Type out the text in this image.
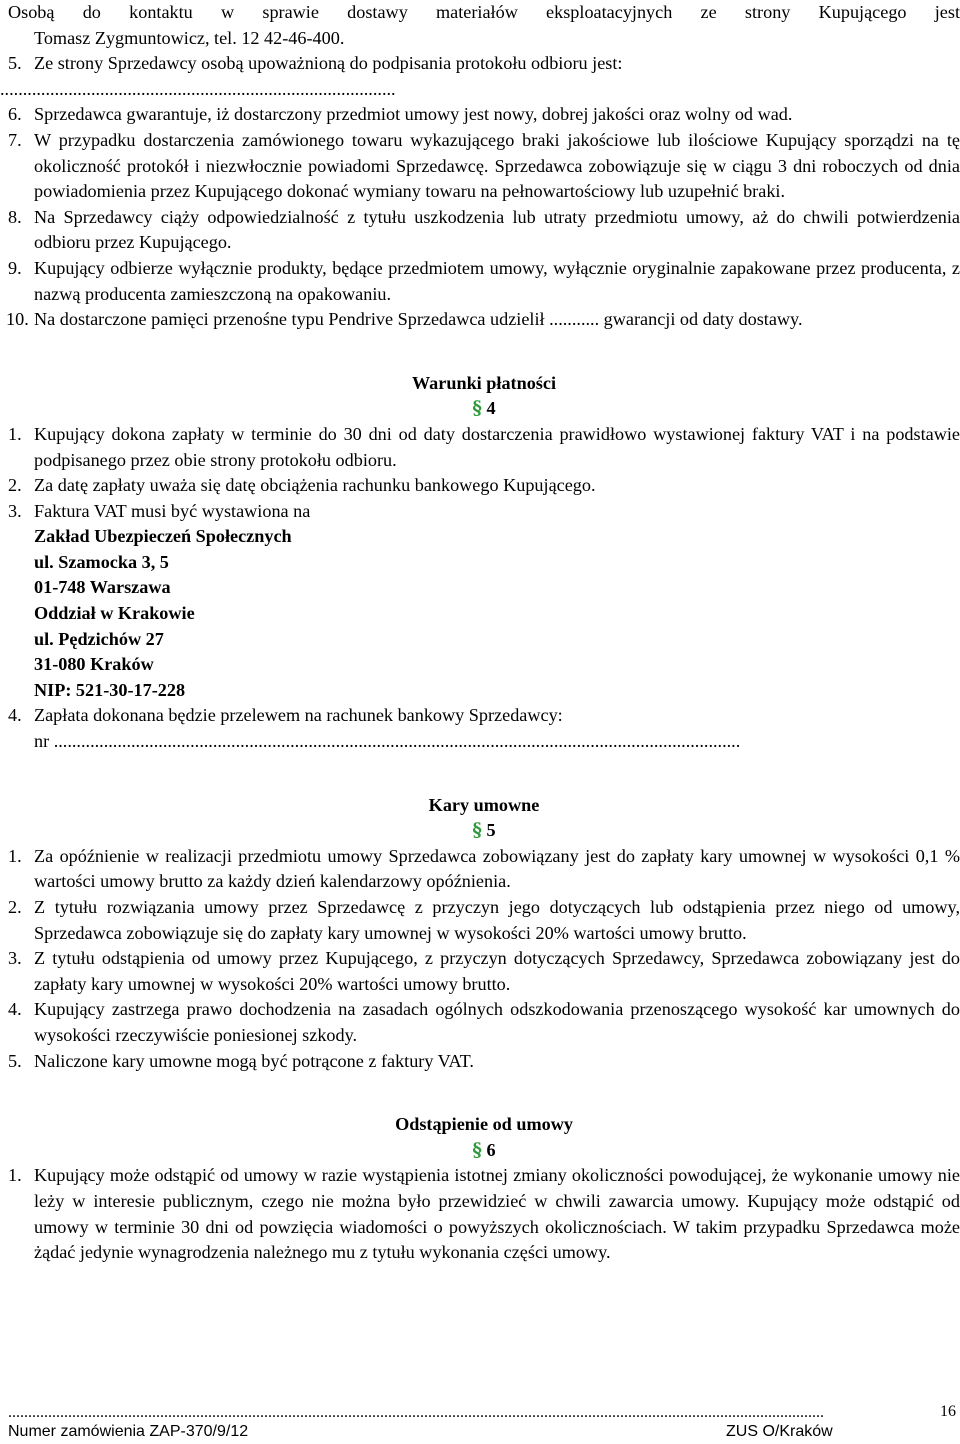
Osobą do kontaktu w sprawie dostawy materiałów eksploatacyjnych ze strony Kupującego jest
Tomasz Zygmuntowicz, tel. 12 42-46-400.
5. Ze strony Sprzedawcy osobą upoważnioną do podpisania protokołu odbioru jest:
.......................................................................................
6. Sprzedawca gwarantuje, iż dostarczony przedmiot umowy jest nowy, dobrej jakości oraz wolny od wad.
7. W przypadku dostarczenia zamówionego towaru wykazującego braki jakościowe lub ilościowe Kupujący sporządzi na tę okoliczność protokół i niezwłocznie powiadomi Sprzedawcę. Sprzedawca zobowiązuje się w ciągu 3 dni roboczych od dnia powiadomienia przez Kupującego dokonać wymiany towaru na pełnowartościowy lub uzupełnić braki.
8. Na Sprzedawcy ciąży odpowiedzialność z tytułu uszkodzenia lub utraty przedmiotu umowy, aż do chwili potwierdzenia odbioru przez Kupującego.
9. Kupujący odbierze wyłącznie produkty, będące przedmiotem umowy, wyłącznie oryginalnie zapakowane przez producenta, z nazwą producenta zamieszczoną na opakowaniu.
10. Na dostarczone pamięci przenośne typu Pendrive Sprzedawca udzielił ........... gwarancji od daty dostawy.
Warunki płatności
§ 4
1. Kupujący dokona zapłaty w terminie do 30 dni od daty dostarczenia prawidłowo wystawionej faktury VAT i na podstawie podpisanego przez obie strony protokołu odbioru.
2. Za datę zapłaty uważa się datę obciążenia rachunku bankowego Kupującego.
3. Faktura VAT musi być wystawiona na
Zakład Ubezpieczeń Społecznych
ul. Szamocka 3, 5
01-748 Warszawa
Oddział w Krakowie
ul. Pędzichów 27
31-080 Kraków
NIP: 521-30-17-228
4. Zapłata dokonana będzie przelewem na rachunek bankowy Sprzedawcy:
nr .......................................................................................................................................................
Kary umowne
§ 5
1. Za opóźnienie w realizacji przedmiotu umowy Sprzedawca zobowiązany jest do zapłaty kary umownej w wysokości 0,1 % wartości umowy brutto za każdy dzień kalendarzowy opóźnienia.
2. Z tytułu rozwiązania umowy przez Sprzedawcę z przyczyn jego dotyczących lub odstąpienia przez niego od umowy, Sprzedawca zobowiązuje się do zapłaty kary umownej w wysokości 20% wartości umowy brutto.
3. Z tytułu odstąpienia od umowy przez Kupującego, z przyczyn dotyczących Sprzedawcy, Sprzedawca zobowiązany jest do zapłaty kary umownej w wysokości 20% wartości umowy brutto.
4. Kupujący zastrzega prawo dochodzenia na zasadach ogólnych odszkodowania przenoszącego wysokość kar umownych do wysokości rzeczywiście poniesionej szkody.
5. Naliczone kary umowne mogą być potrącone z faktury VAT.
Odstąpienie od umowy
§ 6
1. Kupujący może odstąpić od umowy w razie wystąpienia istotnej zmiany okoliczności powodującej, że wykonanie umowy nie leży w interesie publicznym, czego nie można było przewidzieć w chwili zawarcia umowy. Kupujący może odstąpić od umowy w terminie 30 dni od powzięcia wiadomości o powyższych okolicznościach. W takim przypadku Sprzedawca może żądać jedynie wynagrodzenia należnego mu z tytułu wykonania części umowy.
............................................................................................................................................................................................................	16
Numer zamówienia ZAP-370/9/12	ZUS O/Kraków
